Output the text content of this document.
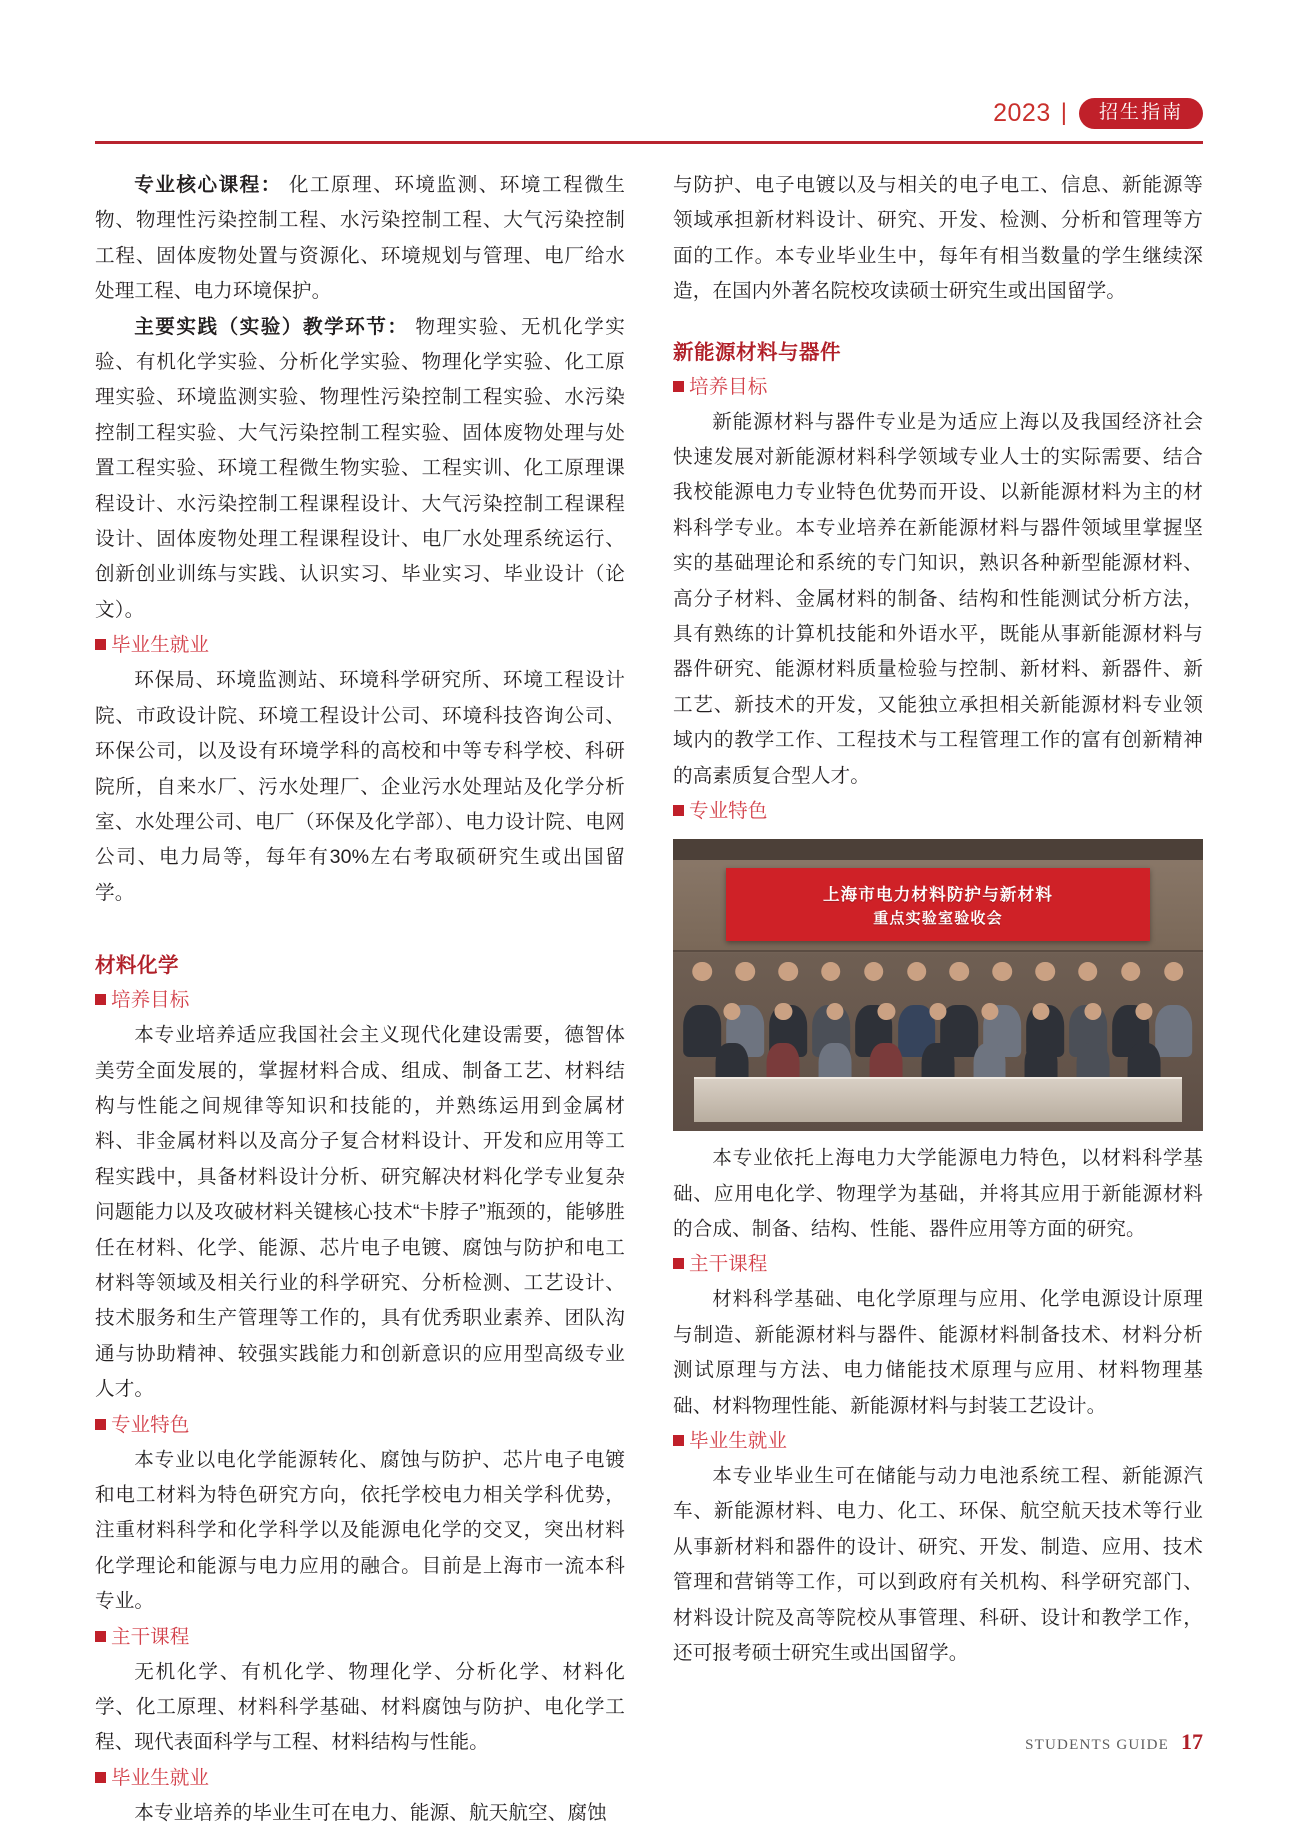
2023 |	招生指南

专业核心课程： 化工原理、环境监测、环境工程微生物、物理性污染控制工程、水污染控制工程、大气污染控制工程、固体废物处置与资源化、环境规划与管理、电厂给水处理工程、电力环境保护。

主要实践（实验）教学环节： 物理实验、无机化学实验、有机化学实验、分析化学实验、物理化学实验、化工原理实验、环境监测实验、物理性污染控制工程实验、水污染控制工程实验、大气污染控制工程实验、固体废物处理与处置工程实验、环境工程微生物实验、工程实训、化工原理课程设计、水污染控制工程课程设计、大气污染控制工程课程设计、固体废物处理工程课程设计、电厂水处理系统运行、创新创业训练与实践、认识实习、毕业实习、毕业设计（论文）。

毕业生就业

环保局、环境监测站、环境科学研究所、环境工程设计院、市政设计院、环境工程设计公司、环境科技咨询公司、环保公司，以及设有环境学科的高校和中等专科学校、科研院所，自来水厂、污水处理厂、企业污水处理站及化学分析室、水处理公司、电厂（环保及化学部）、电力设计院、电网公司、电力局等，每年有30%左右考取硕研究生或出国留学。

材料化学
培养目标

本专业培养适应我国社会主义现代化建设需要，德智体美劳全面发展的，掌握材料合成、组成、制备工艺、材料结构与性能之间规律等知识和技能的，并熟练运用到金属材料、非金属材料以及高分子复合材料设计、开发和应用等工程实践中，具备材料设计分析、研究解决材料化学专业复杂问题能力以及攻破材料关键核心技术“卡脖子”瓶颈的，能够胜任在材料、化学、能源、芯片电子电镀、腐蚀与防护和电工材料等领域及相关行业的科学研究、分析检测、工艺设计、技术服务和生产管理等工作的，具有优秀职业素养、团队沟通与协助精神、较强实践能力和创新意识的应用型高级专业人才。

专业特色

本专业以电化学能源转化、腐蚀与防护、芯片电子电镀和电工材料为特色研究方向，依托学校电力相关学科优势，注重材料科学和化学科学以及能源电化学的交叉，突出材料化学理论和能源与电力应用的融合。目前是上海市一流本科专业。

主干课程

无机化学、有机化学、物理化学、分析化学、材料化学、化工原理、材料科学基础、材料腐蚀与防护、电化学工程、现代表面科学与工程、材料结构与性能。

毕业生就业

本专业培养的毕业生可在电力、能源、航天航空、腐蚀

与防护、电子电镀以及与相关的电子电工、信息、新能源等领域承担新材料设计、研究、开发、检测、分析和管理等方面的工作。本专业毕业生中，每年有相当数量的学生继续深造，在国内外著名院校攻读硕士研究生或出国留学。

新能源材料与器件
培养目标

新能源材料与器件专业是为适应上海以及我国经济社会快速发展对新能源材料科学领域专业人士的实际需要、结合我校能源电力专业特色优势而开设、以新能源材料为主的材料科学专业。本专业培养在新能源材料与器件领域里掌握坚实的基础理论和系统的专门知识，熟识各种新型能源材料、高分子材料、金属材料的制备、结构和性能测试分析方法，具有熟练的计算机技能和外语水平，既能从事新能源材料与器件研究、能源材料质量检验与控制、新材料、新器件、新工艺、新技术的开发，又能独立承担相关新能源材料专业领域内的教学工作、工程技术与工程管理工作的富有创新精神的高素质复合型人才。

专业特色
上海市电力材料防护与新材料
重点实验室验收会

本专业依托上海电力大学能源电力特色，以材料科学基础、应用电化学、物理学为基础，并将其应用于新能源材料的合成、制备、结构、性能、器件应用等方面的研究。

主干课程

材料科学基础、电化学原理与应用、化学电源设计原理与制造、新能源材料与器件、能源材料制备技术、材料分析测试原理与方法、电力储能技术原理与应用、材料物理基础、材料物理性能、新能源材料与封装工艺设计。

毕业生就业

本专业毕业生可在储能与动力电池系统工程、新能源汽车、新能源材料、电力、化工、环保、航空航天技术等行业从事新材料和器件的设计、研究、开发、制造、应用、技术管理和营销等工作，可以到政府有关机构、科学研究部门、材料设计院及高等院校从事管理、科研、设计和教学工作，还可报考硕士研究生或出国留学。

STUDENTS GUIDE 17
